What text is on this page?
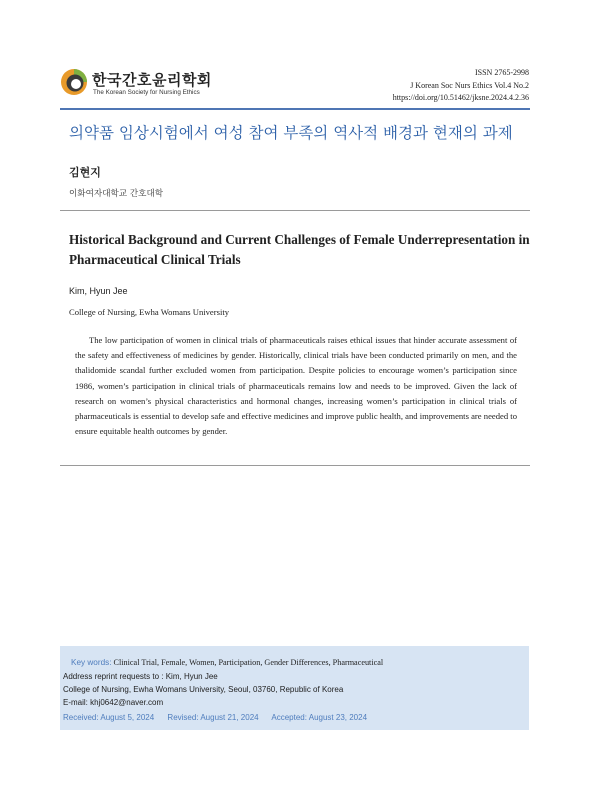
한국간호윤리학회
The Korean Society for Nursing Ethics
ISSN 2765-2998
J Korean Soc Nurs Ethics Vol.4 No.2
https://doi.org/10.51462/jksne.2024.4.2.36
의약품 임상시험에서 여성 참여 부족의 역사적 배경과 현재의 과제
김현지
이화여자대학교 간호대학
Historical Background and Current Challenges of Female Underrepresentation in Pharmaceutical Clinical Trials
Kim, Hyun Jee
College of Nursing, Ewha Womans University

The low participation of women in clinical trials of pharmaceuticals raises ethical issues that hinder accurate assessment of the safety and effectiveness of medicines by gender. Historically, clinical trials have been conducted primarily on men, and the thalidomide scandal further excluded women from participation. Despite policies to encourage women’s participation since 1986, women’s participation in clinical trials of pharmaceuticals remains low and needs to be improved. Given the lack of research on women’s physical characteristics and hormonal changes, increasing women’s participation in clinical trials of pharmaceuticals is essential to develop safe and effective medicines and improve public health, and improvements are needed to ensure equitable health outcomes by gender.

Key words: Clinical Trial, Female, Women, Participation, Gender Differences, Pharmaceutical
Address reprint requests to : Kim, Hyun Jee
College of Nursing, Ewha Womans University, Seoul, 03760, Republic of Korea
E-mail: khj0642@naver.com
Received: August 5, 2024 Revised: August 21, 2024 Accepted: August 23, 2024
